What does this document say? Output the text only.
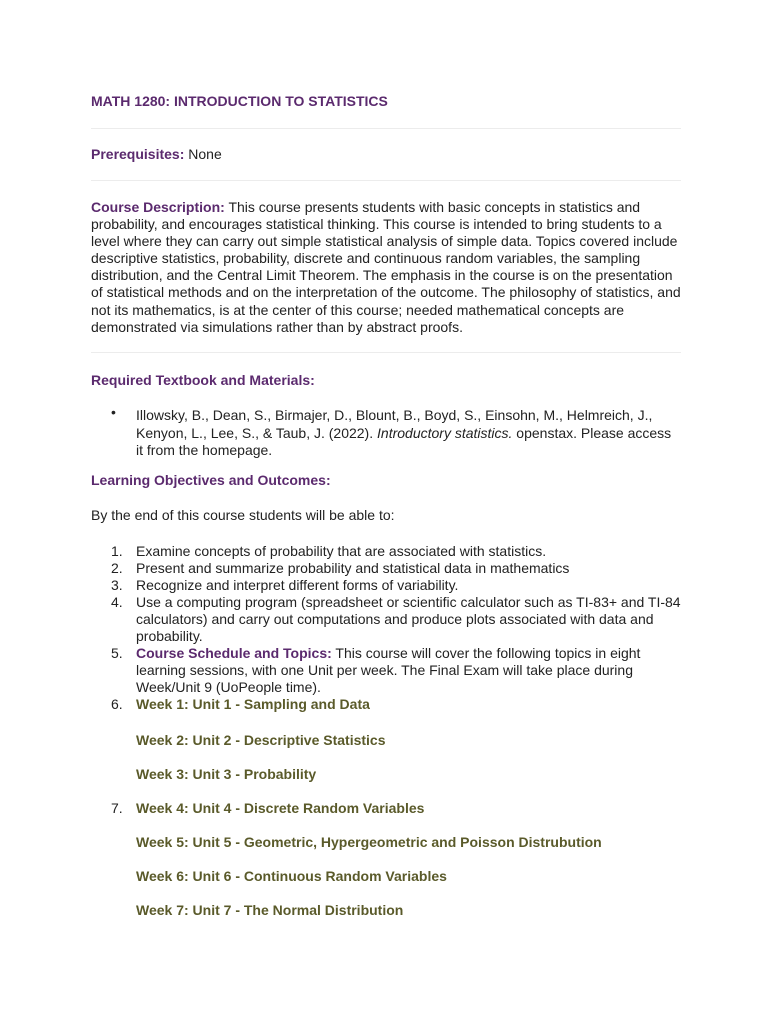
MATH 1280: INTRODUCTION TO STATISTICS
Prerequisites: None
Course Description: This course presents students with basic concepts in statistics and probability, and encourages statistical thinking. This course is intended to bring students to a level where they can carry out simple statistical analysis of simple data. Topics covered include descriptive statistics, probability, discrete and continuous random variables, the sampling distribution, and the Central Limit Theorem. The emphasis in the course is on the presentation of statistical methods and on the interpretation of the outcome. The philosophy of statistics, and not its mathematics, is at the center of this course; needed mathematical concepts are demonstrated via simulations rather than by abstract proofs.
Required Textbook and Materials:
• Illowsky, B., Dean, S., Birmajer, D., Blount, B., Boyd, S., Einsohn, M., Helmreich, J., Kenyon, L., Lee, S., & Taub, J. (2022). Introductory statistics. openstax. Please access it from the homepage.
Learning Objectives and Outcomes:
By the end of this course students will be able to:
1. Examine concepts of probability that are associated with statistics.
2. Present and summarize probability and statistical data in mathematics
3. Recognize and interpret different forms of variability.
4. Use a computing program (spreadsheet or scientific calculator such as TI-83+ and TI-84 calculators) and carry out computations and produce plots associated with data and probability.
5. Course Schedule and Topics: This course will cover the following topics in eight learning sessions, with one Unit per week. The Final Exam will take place during Week/Unit 9 (UoPeople time).
6. Week 1: Unit 1 - Sampling and Data
Week 2: Unit 2 - Descriptive Statistics
Week 3: Unit 3 - Probability
7. Week 4: Unit 4 - Discrete Random Variables
Week 5: Unit 5 - Geometric, Hypergeometric and Poisson Distrubution
Week 6: Unit 6 - Continuous Random Variables
Week 7: Unit 7 - The Normal Distribution
